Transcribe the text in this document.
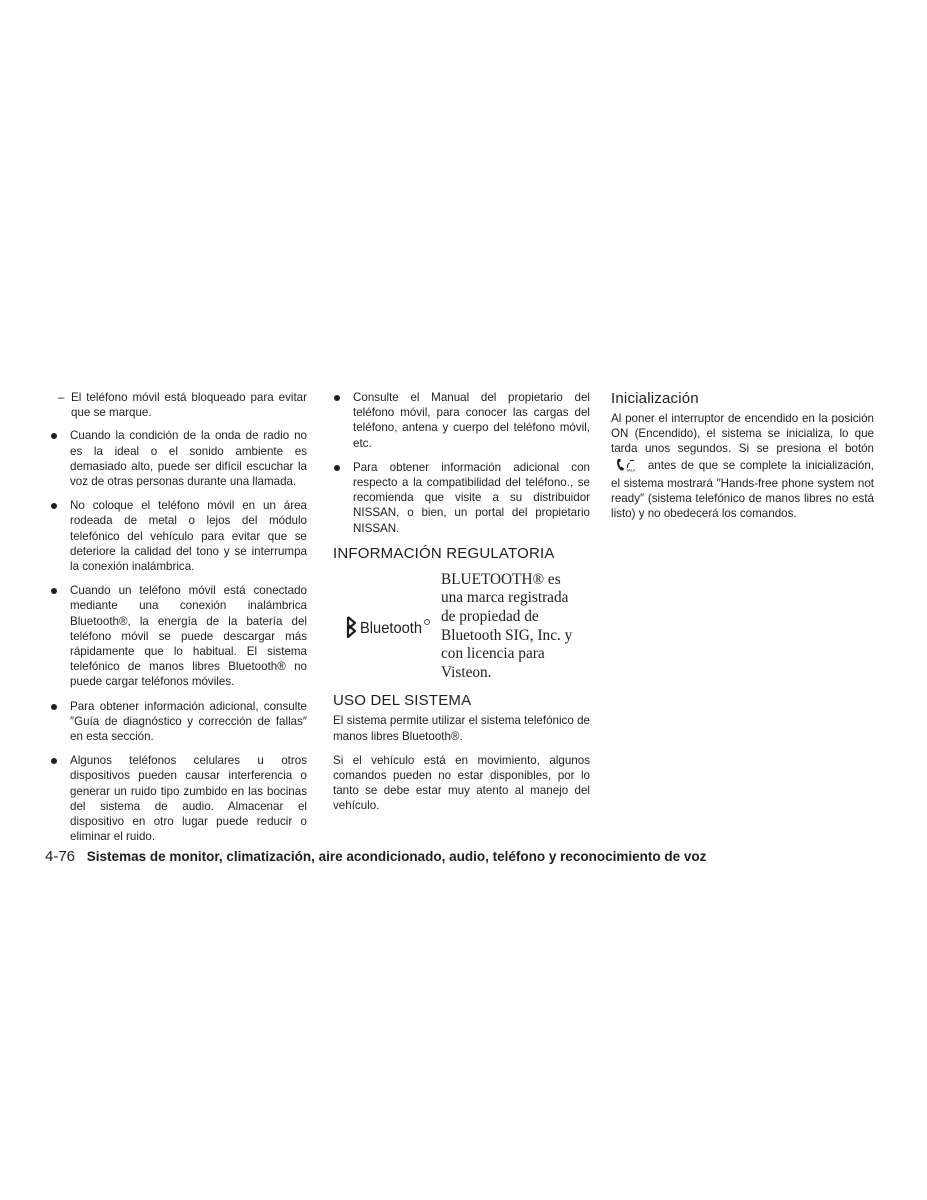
– El teléfono móvil está bloqueado para evitar que se marque.

Cuando la condición de la onda de radio no es la ideal o el sonido ambiente es demasiado alto, puede ser difícil escuchar la voz de otras personas durante una llamada.

No coloque el teléfono móvil en un área rodeada de metal o lejos del módulo telefónico del vehículo para evitar que se deteriore la calidad del tono y se interrumpa la conexión inalámbrica.

Cuando un teléfono móvil está conectado mediante una conexión inalámbrica Bluetooth®, la energía de la batería del teléfono móvil se puede descargar más rápidamente que lo habitual. El sistema telefónico de manos libres Bluetooth® no puede cargar teléfonos móviles.

Para obtener información adicional, consulte ″Guía de diagnóstico y corrección de fallas″ en esta sección.

Algunos teléfonos celulares u otros dispositivos pueden causar interferencia o generar un ruido tipo zumbido en las bocinas del sistema de audio. Almacenar el dispositivo en otro lugar puede reducir o eliminar el ruido.

Consulte el Manual del propietario del teléfono móvil, para conocer las cargas del teléfono, antena y cuerpo del teléfono móvil, etc.

Para obtener información adicional con respecto a la compatibilidad del teléfono., se recomienda que visite a su distribuidor NISSAN, o bien, un portal del propietario NISSAN.

INFORMACIÓN REGULATORIA
Bluetooth
BLUETOOTH® es una marca registrada de propiedad de Bluetooth SIG, Inc. y con licencia para Visteon.
USO DEL SISTEMA

El sistema permite utilizar el sistema telefónico de manos libres Bluetooth®.

Si el vehículo está en movimiento, algunos comandos pueden no estar disponibles, por lo tanto se debe estar muy atento al manejo del vehículo.

Inicialización

Al poner el interruptor de encendido en la posición ON (Encendido), el sistema se inicializa, lo que tarda unos segundos. Si se presiona el botón
TALK antes de que se complete la inicialización, el sistema mostrará ″Hands-free phone system not ready″ (sistema telefónico de manos libres no está listo) y no obedecerá los comandos.

4-76 Sistemas de monitor, climatización, aire acondicionado, audio, teléfono y reconocimiento de voz
